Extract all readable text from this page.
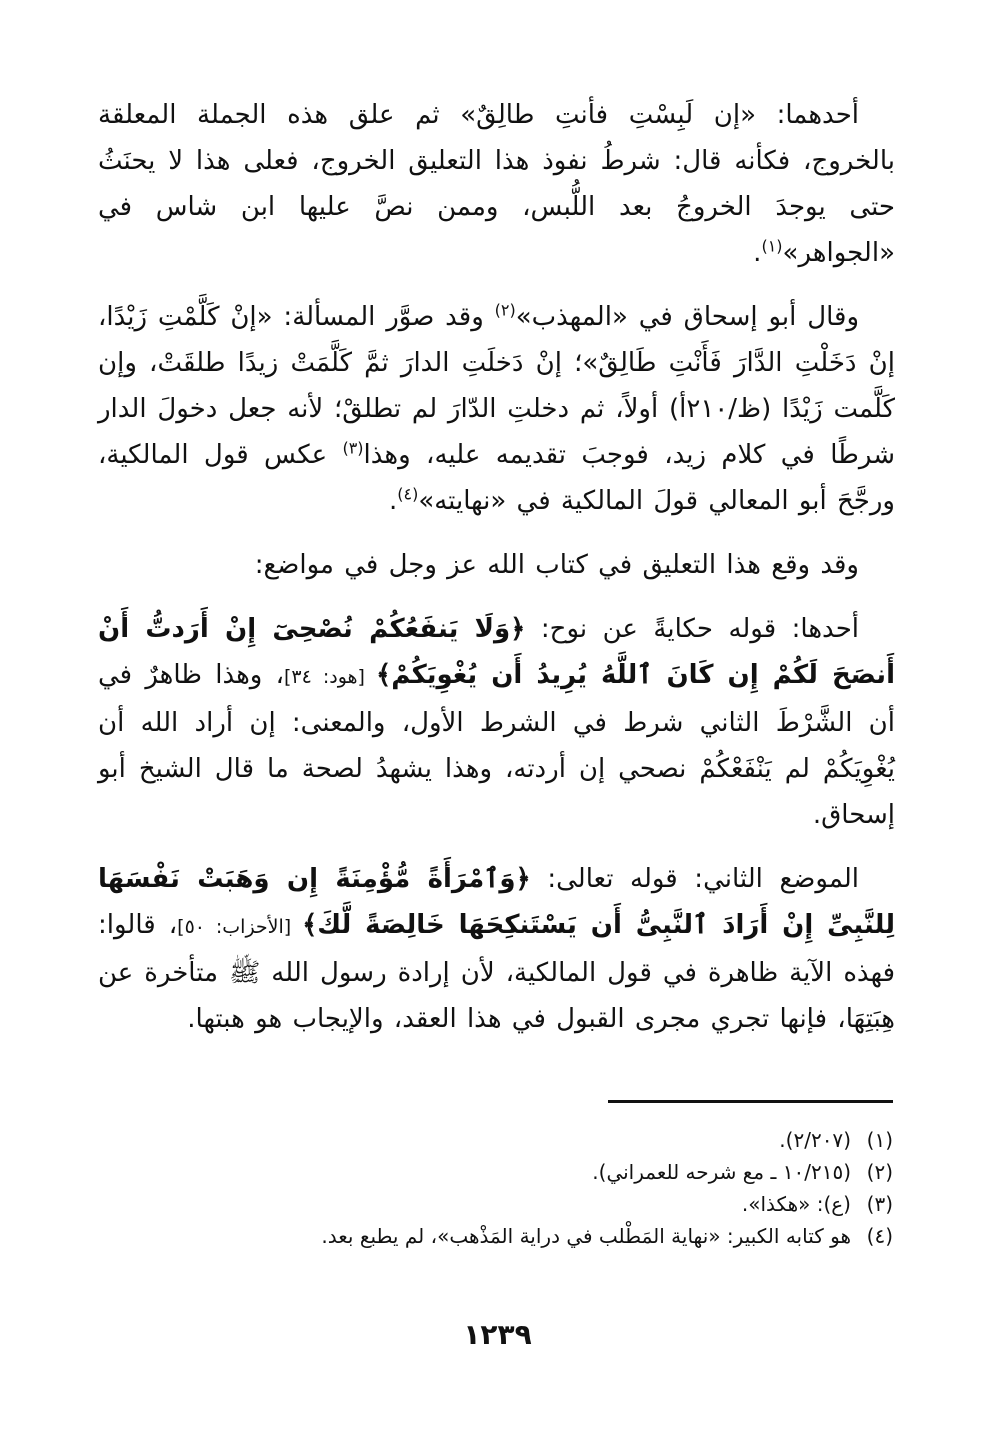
أحدهما: «إن لَبِسْتِ فأنتِ طالِقٌ» ثم علق هذه الجملة المعلقة بالخروج، فكأنه قال: شرطُ نفوذ هذا التعليق الخروج، فعلى هذا لا يحنَثُ حتى يوجدَ الخروجُ بعد اللُّبس، وممن نصَّ عليها ابن شاس في «الجواهر»$^{(١)}$.

وقال أبو إسحاق في «المهذب»$^{(٢)}$ وقد صوَّر المسألة: «إنْ كَلَّمْتِ زَيْدًا، إنْ دَخَلْتِ الدَّارَ فَأَنْتِ طَالِقٌ»؛ إنْ دَخلَتِ الدارَ ثمَّ كَلَّمَتْ زيدًا طلقَتْ، وإن كَلَّمت زَيْدًا (ظ/٢١٠أ) أولاً، ثم دخلتِ الدّارَ لم تطلقْ؛ لأنه جعل دخولَ الدار شرطًا في كلام زيد، فوجبَ تقديمه عليه، وهذا$^{(٣)}$ عكس قول المالكية، ورجَّحَ أبو المعالي قولَ المالكية في «نهايته»$^{(٤)}$.

وقد وقع هذا التعليق في كتاب الله عز وجل في مواضع:

أحدها: قوله حكايةً عن نوح: ﴿وَلَا يَنفَعُكُمْ نُصْحِىٓ إِنْ أَرَدتُّ أَنْ أَنصَحَ لَكُمْ إِن كَانَ ٱللَّهُ يُرِيدُ أَن يُغْوِيَكُمْ﴾ [هود: ٣٤]، وهذا ظاهرٌ في أن الشَّرْطَ الثاني شرط في الشرط الأول، والمعنى: إن أراد الله أن يُغْوِيَكُمْ لم يَنْفَعْكُمْ نصحي إن أردته، وهذا يشهدُ لصحة ما قال الشيخ أبو إسحاق.

الموضع الثاني: قوله تعالى: ﴿وَٱمْرَأَةً مُّؤْمِنَةً إِن وَهَبَتْ نَفْسَهَا لِلنَّبِىِّ إِنْ أَرَادَ ٱلنَّبِىُّ أَن يَسْتَنكِحَهَا خَالِصَةً لَّكَ﴾ [الأحزاب: ٥٠]، قالوا: فهذه الآية ظاهرة في قول المالكية، لأن إرادة رسول الله ﷺ متأخرة عن هِبَتِهَا، فإنها تجري مجرى القبول في هذا العقد، والإيجاب هو هبتها.

(١)(٢/٢٠٧).
(٢)(١٠/٢١٥ ـ مع شرحه للعمراني).
(٣)(ع): «هكذا».
(٤)هو كتابه الكبير: «نهاية المَطْلب في دراية المَذْهب»، لم يطبع بعد.
١٢٣٩
